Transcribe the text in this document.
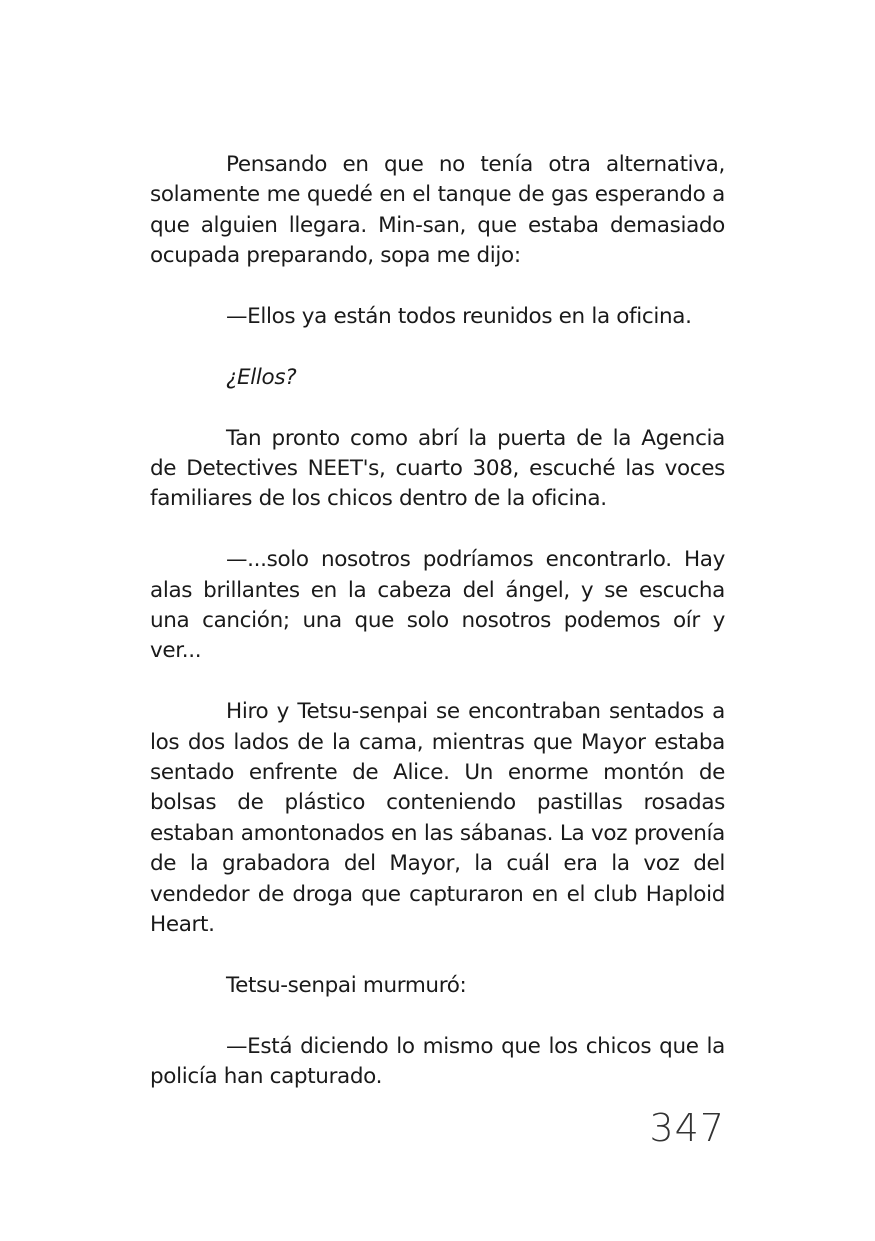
Pensando en que no tenía otra alternativa, solamente me quedé en el tanque de gas esperando a que alguien llegara. Min-san, que estaba demasiado ocupada preparando, sopa me dijo:

—Ellos ya están todos reunidos en la oficina.

¿Ellos?

Tan pronto como abrí la puerta de la Agencia de Detectives NEET's, cuarto 308, escuché las voces familiares de los chicos dentro de la oficina.

—...solo nosotros podríamos encontrarlo. Hay alas brillantes en la cabeza del ángel, y se escucha una canción; una que solo nosotros podemos oír y ver...

Hiro y Tetsu-senpai se encontraban sentados a los dos lados de la cama, mientras que Mayor estaba sentado enfrente de Alice. Un enorme montón de bolsas de plástico conteniendo pastillas rosadas estaban amontonados en las sábanas. La voz provenía de la grabadora del Mayor, la cuál era la voz del vendedor de droga que capturaron en el club Haploid Heart.

Tetsu-senpai murmuró:

—Está diciendo lo mismo que los chicos que la policía han capturado.

347
